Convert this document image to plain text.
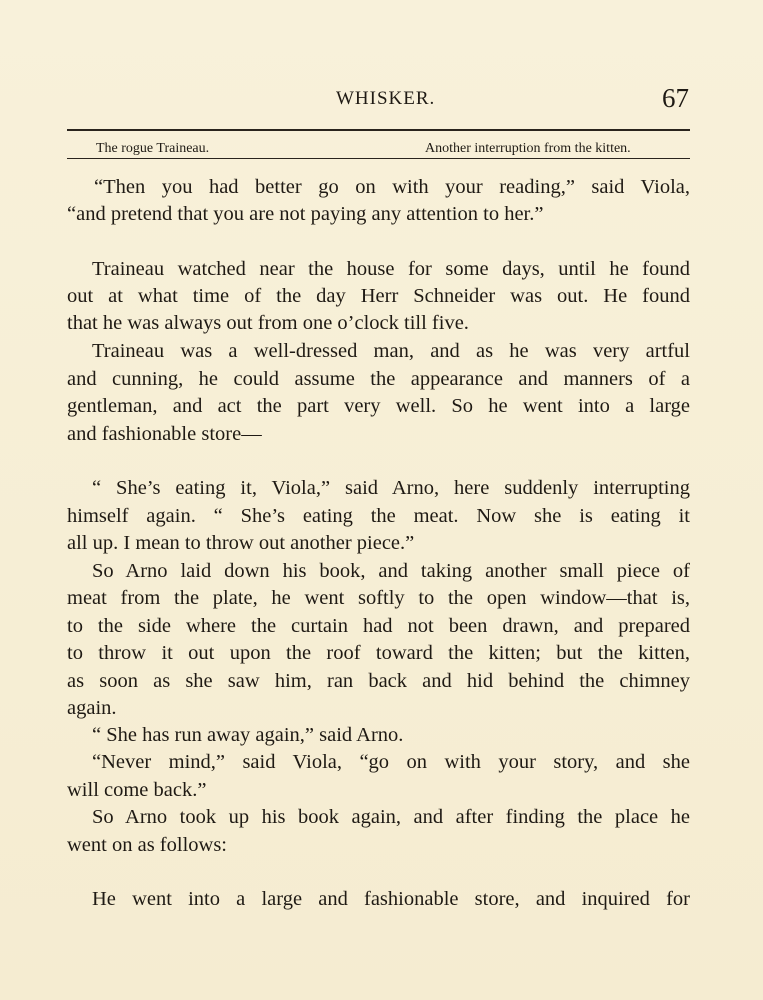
WHISKER.	67
The rogue Traineau.	Another interruption from the kitten.
“Then you had better go on with your reading,” said Viola,
“and pretend that you are not paying any attention to her.”
Traineau watched near the house for some days, until he found
out at what time of the day Herr Schneider was out. He found
that he was always out from one o’clock till five.
Traineau was a well-dressed man, and as he was very artful
and cunning, he could assume the appearance and manners of a
gentleman, and act the part very well. So he went into a large
and fashionable store—
“ She’s eating it, Viola,” said Arno, here suddenly interrupting
himself again. “ She’s eating the meat. Now she is eating it
all up. I mean to throw out another piece.”
So Arno laid down his book, and taking another small piece of
meat from the plate, he went softly to the open window—that is,
to the side where the curtain had not been drawn, and prepared
to throw it out upon the roof toward the kitten; but the kitten,
as soon as she saw him, ran back and hid behind the chimney
again.
“ She has run away again,” said Arno.
“Never mind,” said Viola, “go on with your story, and she
will come back.”
So Arno took up his book again, and after finding the place he
went on as follows:
He went into a large and fashionable store, and inquired for
